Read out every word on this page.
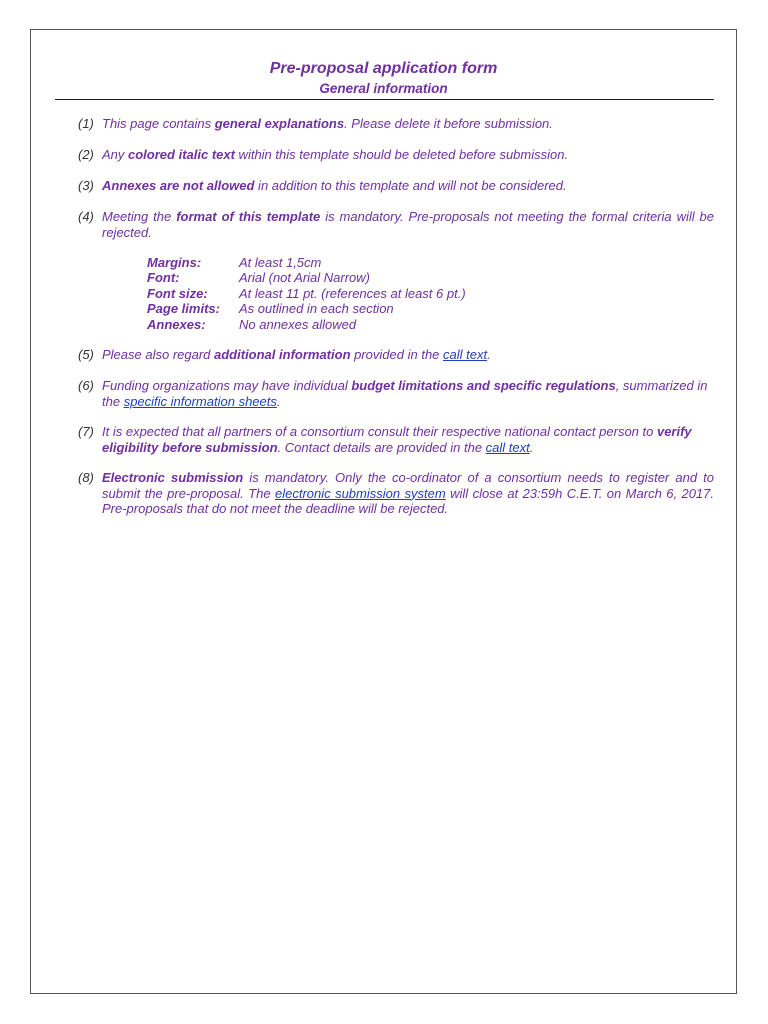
Pre-proposal application form
General information
(1) This page contains general explanations. Please delete it before submission.
(2) Any colored italic text within this template should be deleted before submission.
(3) Annexes are not allowed in addition to this template and will not be considered.
(4) Meeting the format of this template is mandatory. Pre-proposals not meeting the formal criteria will be rejected.
Margins:	At least 1,5cm
Font:	Arial (not Arial Narrow)
Font size:	At least 11 pt. (references at least 6 pt.)
Page limits:	As outlined in each section
Annexes:	No annexes allowed
(5) Please also regard additional information provided in the call text.
(6) Funding organizations may have individual budget limitations and specific regulations, summarized in the specific information sheets.
(7) It is expected that all partners of a consortium consult their respective national contact person to verify eligibility before submission. Contact details are provided in the call text.
(8) Electronic submission is mandatory. Only the co-ordinator of a consortium needs to register and to submit the pre-proposal. The electronic submission system will close at 23:59h C.E.T. on March 6, 2017. Pre-proposals that do not meet the deadline will be rejected.
